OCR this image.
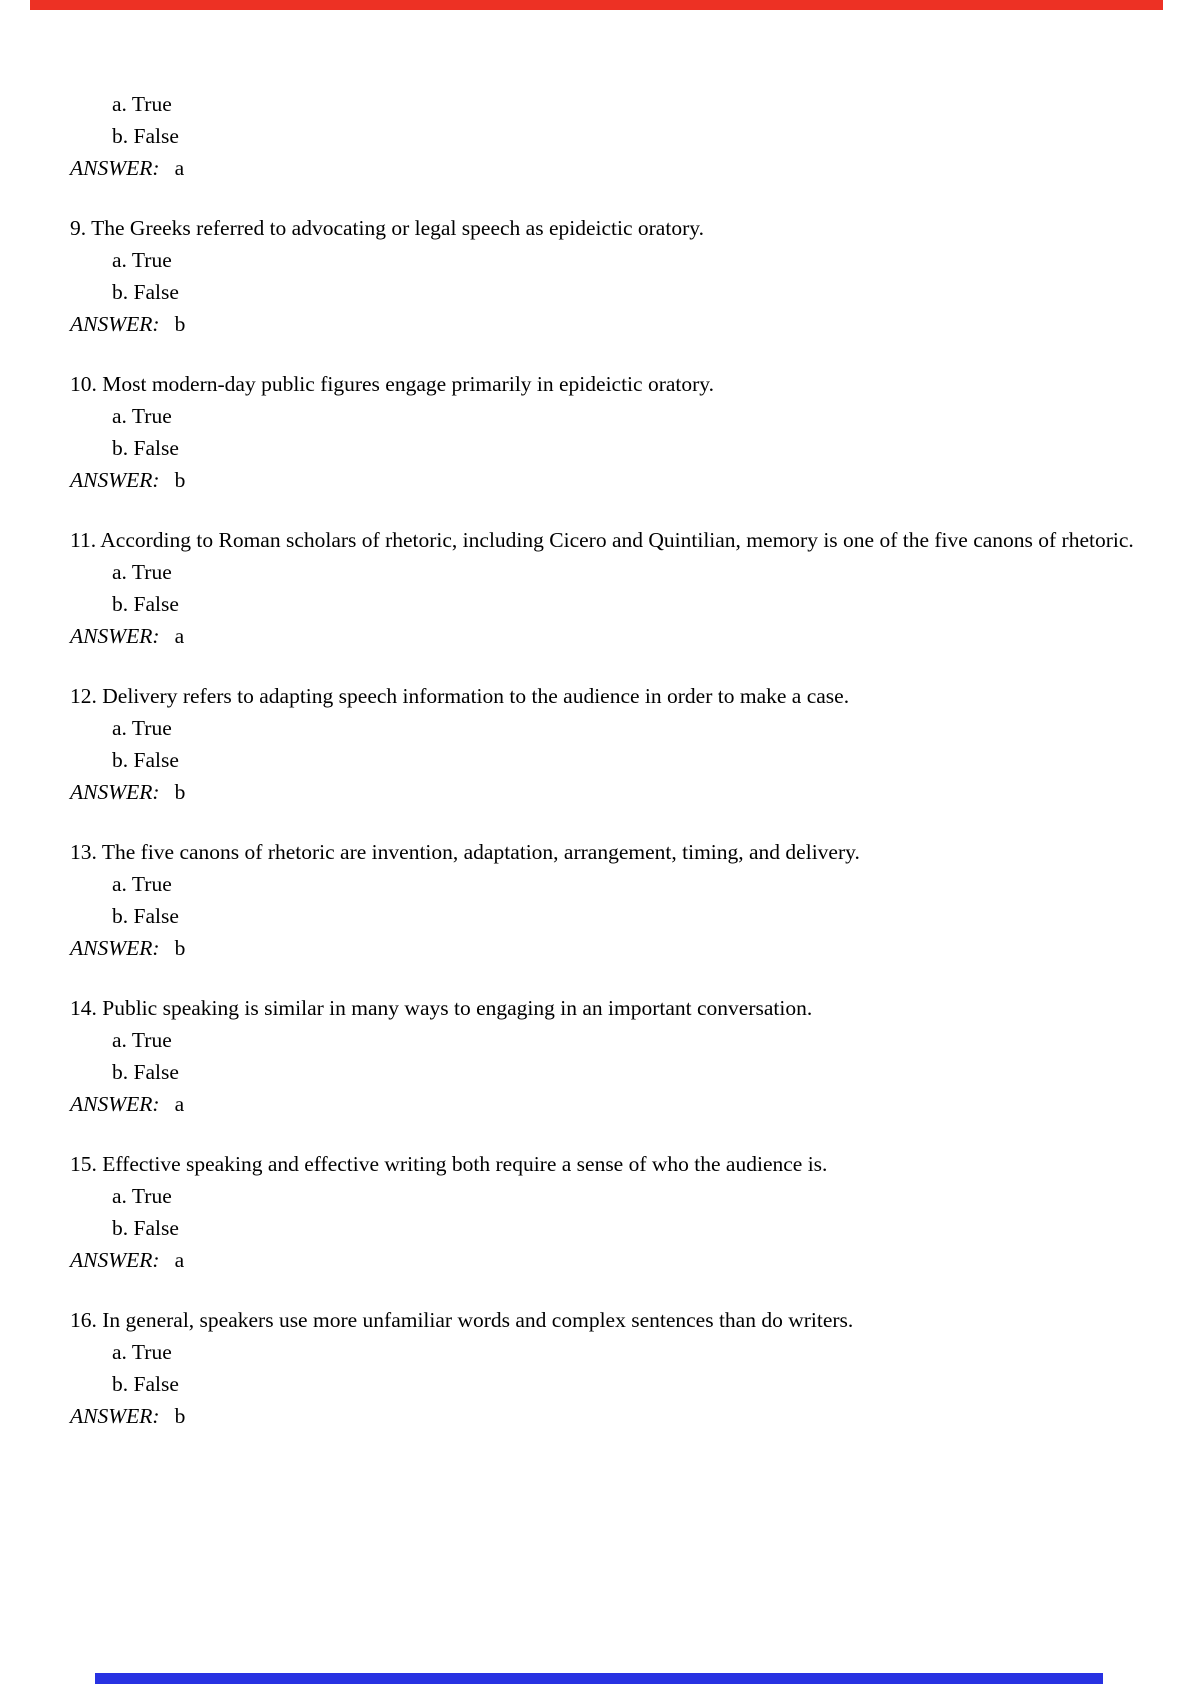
a. True
b. False
ANSWER: a
9. The Greeks referred to advocating or legal speech as epideictic oratory.
a. True
b. False
ANSWER: b
10. Most modern-day public figures engage primarily in epideictic oratory.
a. True
b. False
ANSWER: b
11. According to Roman scholars of rhetoric, including Cicero and Quintilian, memory is one of the five canons of rhetoric.
a. True
b. False
ANSWER: a
12. Delivery refers to adapting speech information to the audience in order to make a case.
a. True
b. False
ANSWER: b
13. The five canons of rhetoric are invention, adaptation, arrangement, timing, and delivery.
a. True
b. False
ANSWER: b
14. Public speaking is similar in many ways to engaging in an important conversation.
a. True
b. False
ANSWER: a
15. Effective speaking and effective writing both require a sense of who the audience is.
a. True
b. False
ANSWER: a
16. In general, speakers use more unfamiliar words and complex sentences than do writers.
a. True
b. False
ANSWER: b
